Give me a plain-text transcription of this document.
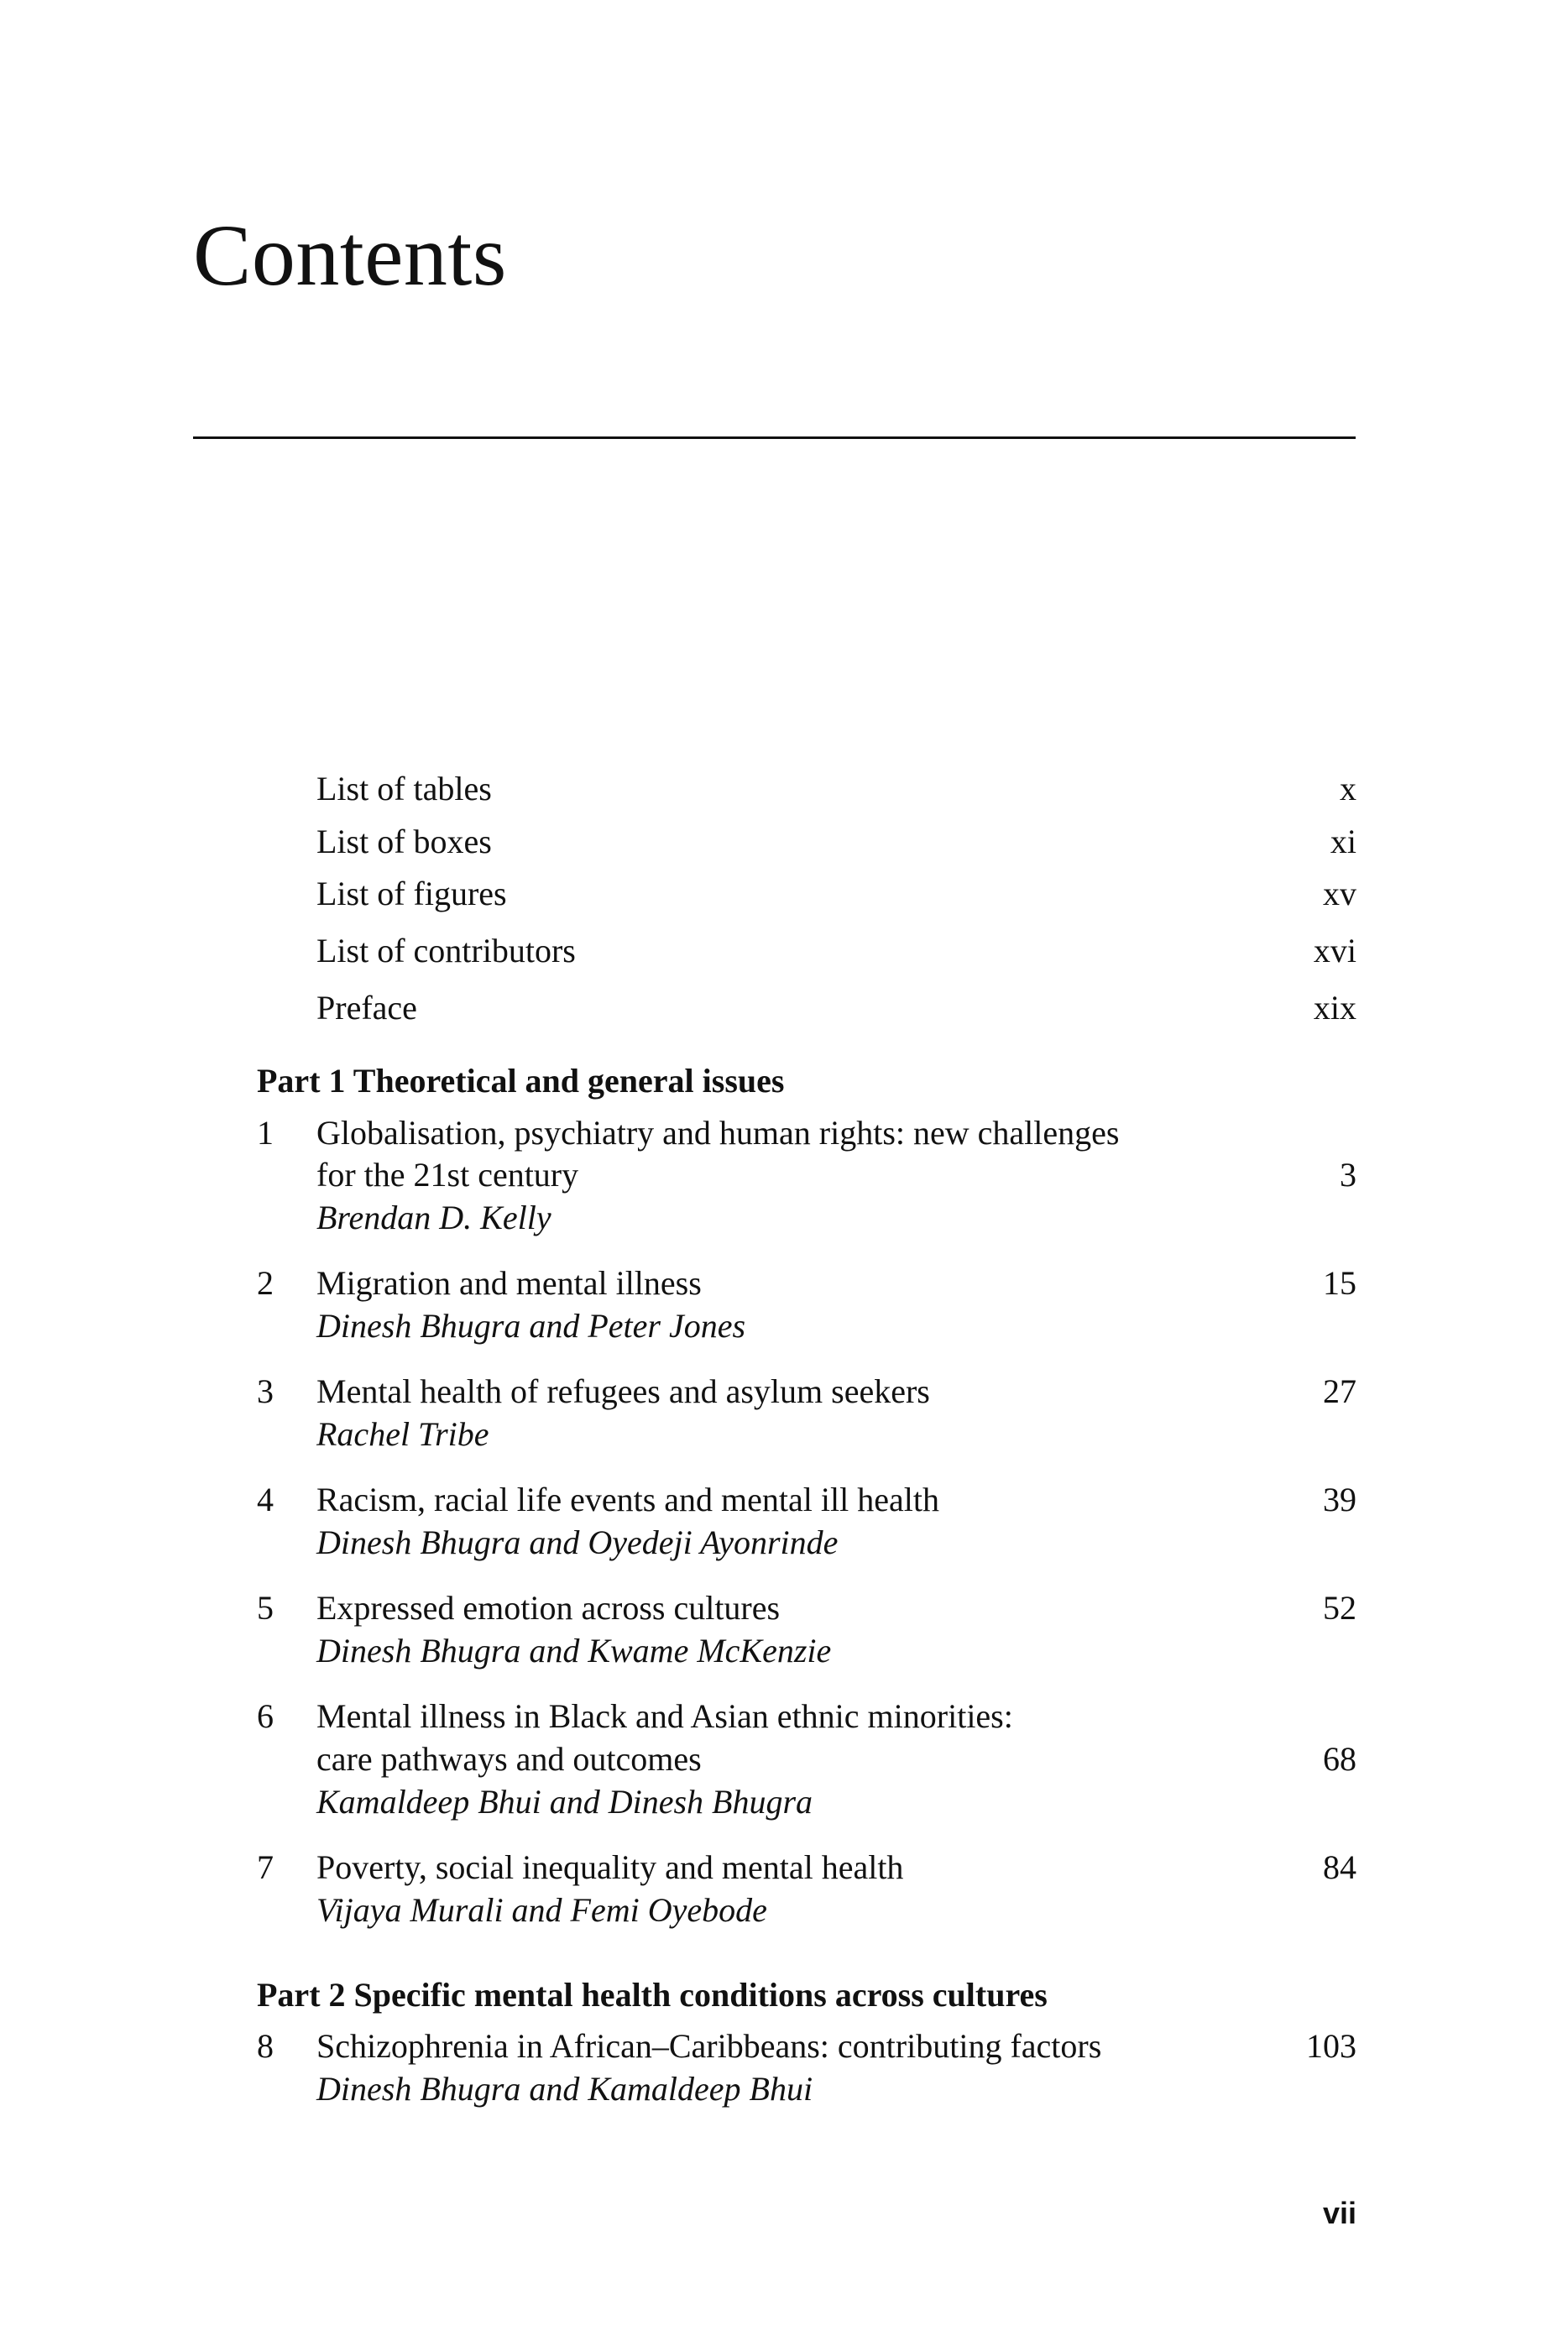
Contents
List of tables	x
List of boxes	xi
List of figures	xv
List of contributors	xvi
Preface	xix
Part 1 Theoretical and general issues
1 Globalisation, psychiatry and human rights: new challenges
for the 21st century	3
Brendan D. Kelly
2 Migration and mental illness	15
Dinesh Bhugra and Peter Jones
3 Mental health of refugees and asylum seekers	27
Rachel Tribe
4 Racism, racial life events and mental ill health	39
Dinesh Bhugra and Oyedeji Ayonrinde
5 Expressed emotion across cultures	52
Dinesh Bhugra and Kwame McKenzie
6 Mental illness in Black and Asian ethnic minorities:
care pathways and outcomes	68
Kamaldeep Bhui and Dinesh Bhugra
7 Poverty, social inequality and mental health	84
Vijaya Murali and Femi Oyebode
Part 2 Specific mental health conditions across cultures
8 Schizophrenia in African–Caribbeans: contributing factors	103
Dinesh Bhugra and Kamaldeep Bhui
vii
